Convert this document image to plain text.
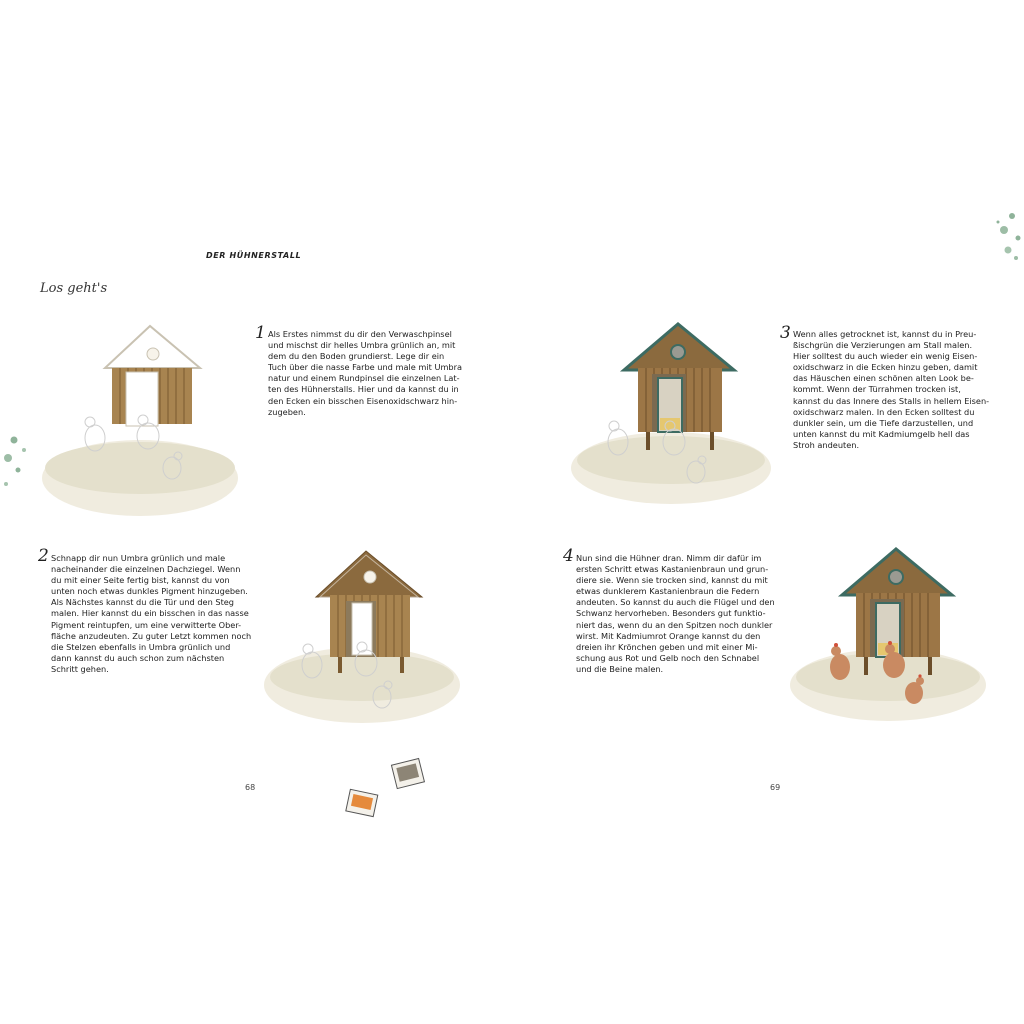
DER HÜHNERSTALL
Los geht's
1 Als Erstes nimmst du dir den Verwaschpinsel
und mischst dir helles Umbra grünlich an, mit
dem du den Boden grundierst. Lege dir ein
Tuch über die nasse Farbe und male mit Umbra
natur und einem Rundpinsel die einzelnen Lat-
ten des Hühnerstalls. Hier und da kannst du in
den Ecken ein bisschen Eisenoxidschwarz hin-
zugeben.

2 Schnapp dir nun Umbra grünlich und male
nacheinander die einzelnen Dachziegel. Wenn
du mit einer Seite fertig bist, kannst du von
unten noch etwas dunkles Pigment hinzugeben.
Als Nächstes kannst du die Tür und den Steg
malen. Hier kannst du ein bisschen in das nasse
Pigment reintupfen, um eine verwitterte Ober-
fläche anzudeuten. Zu guter Letzt kommen noch
die Stelzen ebenfalls in Umbra grünlich und
dann kannst du auch schon zum nächsten
Schritt gehen.

3 Wenn alles getrocknet ist, kannst du in Preu-
ßischgrün die Verzierungen am Stall malen.
Hier solltest du auch wieder ein wenig Eisen-
oxidschwarz in die Ecken hinzu geben, damit
das Häuschen einen schönen alten Look be-
kommt. Wenn der Türrahmen trocken ist,
kannst du das Innere des Stalls in hellem Eisen-
oxidschwarz malen. In den Ecken solltest du
dunkler sein, um die Tiefe darzustellen, und
unten kannst du mit Kadmiumgelb hell das
Stroh andeuten.

4 Nun sind die Hühner dran. Nimm dir dafür im
ersten Schritt etwas Kastanienbraun und grun-
diere sie. Wenn sie trocken sind, kannst du mit
etwas dunklerem Kastanienbraun die Federn
andeuten. So kannst du auch die Flügel und den
Schwanz hervorheben. Besonders gut funktio-
niert das, wenn du an den Spitzen noch dunkler
wirst. Mit Kadmiumrot Orange kannst du den
dreien ihr Krönchen geben und mit einer Mi-
schung aus Rot und Gelb noch den Schnabel
und die Beine malen.

68	69
